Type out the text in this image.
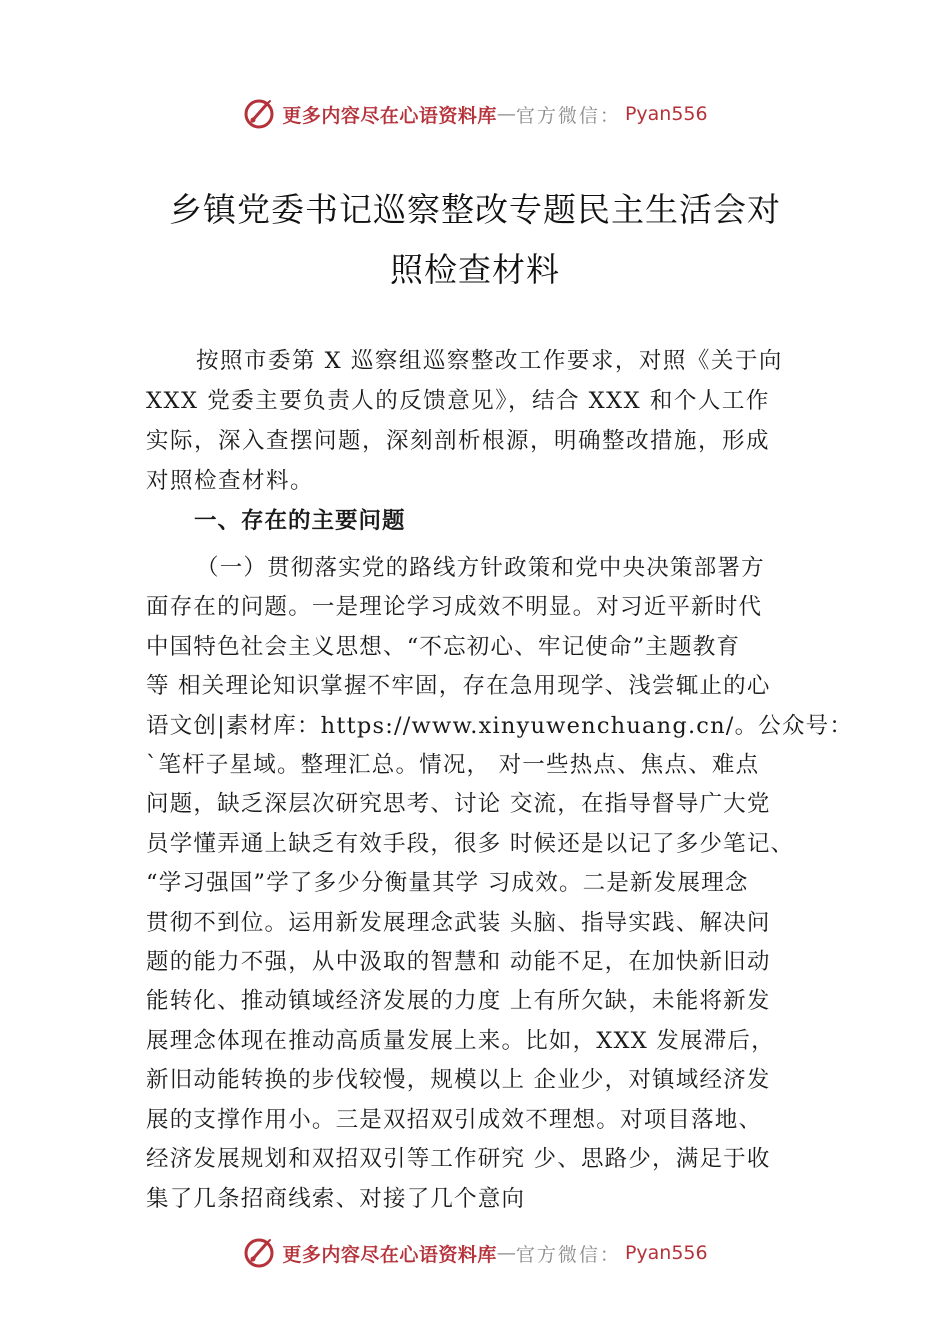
更多内容尽在心语资料库 — 官方微信： Pyan556
乡镇党委书记巡察整改专题民主生活会对
照检查材料
按照市委第 X 巡察组巡察整改工作要求，对照《关于向
XXX 党委主要负责人的反馈意见》，结合 XXX 和个人工作
实际，深入查摆问题，深刻剖析根源，明确整改措施，形成
对照检查材料。
一、存在的主要问题
（一）贯彻落实党的路线方针政策和党中央决策部署方
面存在的问题。一是理论学习成效不明显。对习近平新时代
中国特色社会主义思想、“不忘初心、牢记使命”主题教育
等 相关理论知识掌握不牢固，存在急用现学、浅尝辄止的心
语文创|素材库：https://www.xinyuwenchuang.cn/。公众号：
`笔杆子星域。整理汇总。情况， 对一些热点、焦点、难点
问题，缺乏深层次研究思考、讨论 交流，在指导督导广大党
员学懂弄通上缺乏有效手段，很多 时候还是以记了多少笔记、
“学习强国”学了多少分衡量其学 习成效。二是新发展理念
贯彻不到位。运用新发展理念武装 头脑、指导实践、解决问
题的能力不强，从中汲取的智慧和 动能不足，在加快新旧动
能转化、推动镇域经济发展的力度 上有所欠缺，未能将新发
展理念体现在推动高质量发展上来。比如，XXX 发展滞后，
新旧动能转换的步伐较慢，规模以上 企业少，对镇域经济发
展的支撑作用小。三是双招双引成效不理想。对项目落地、
经济发展规划和双招双引等工作研究 少、思路少，满足于收
集了几条招商线索、对接了几个意向
更多内容尽在心语资料库 — 官方微信： Pyan556
